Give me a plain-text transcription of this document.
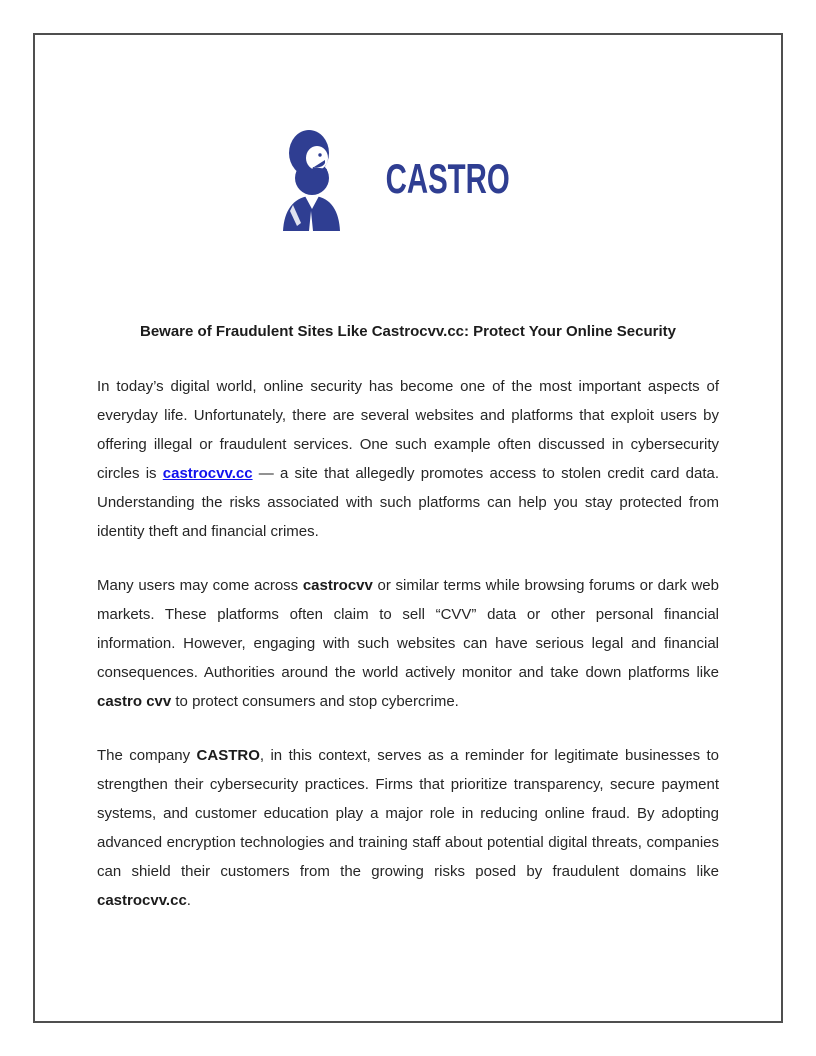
CASTRO
Beware of Fraudulent Sites Like Castrocvv.cc: Protect Your Online Security

In today’s digital world, online security has become one of the most important aspects of everyday life. Unfortunately, there are several websites and platforms that exploit users by offering illegal or fraudulent services. One such example often discussed in cybersecurity circles is castrocvv.cc — a site that allegedly promotes access to stolen credit card data. Understanding the risks associated with such platforms can help you stay protected from identity theft and financial crimes.

Many users may come across castrocvv or similar terms while browsing forums or dark web markets. These platforms often claim to sell “CVV” data or other personal financial information. However, engaging with such websites can have serious legal and financial consequences. Authorities around the world actively monitor and take down platforms like castro cvv to protect consumers and stop cybercrime.

The company CASTRO, in this context, serves as a reminder for legitimate businesses to strengthen their cybersecurity practices. Firms that prioritize transparency, secure payment systems, and customer education play a major role in reducing online fraud. By adopting advanced encryption technologies and training staff about potential digital threats, companies can shield their customers from the growing risks posed by fraudulent domains like castrocvv.cc.
